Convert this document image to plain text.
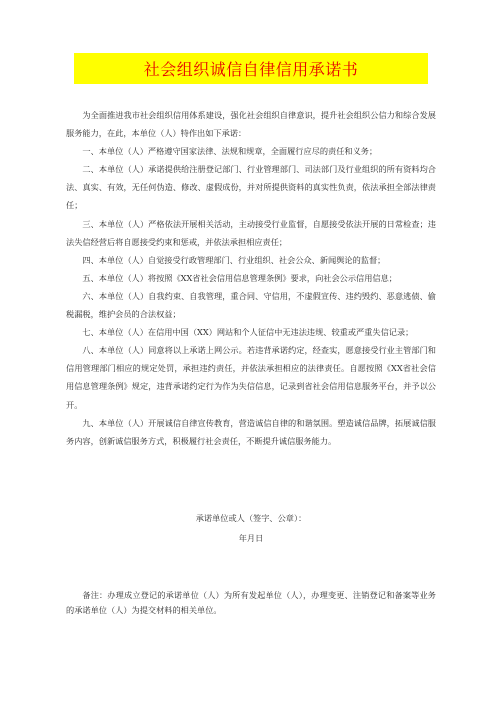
社会组织诚信自律信用承诺书

为全面推进我市社会组织信用体系建设，强化社会组织自律意识，提升社会组织公信力和综合发展服务能力，在此，本单位（人）特作出如下承诺：

一、本单位（人）严格遵守国家法律、法规和规章，全面履行应尽的责任和义务；

二、本单位（人）承诺提供给注册登记部门、行业管理部门、司法部门及行业组织的所有资料均合法、真实、有效，无任何伪造、修改、虚假成份，并对所提供资料的真实性负责，依法承担全部法律责任；

三、本单位（人）严格依法开展相关活动，主动接受行业监督，自愿接受依法开展的日常检查；违法失信经营后将自愿接受约束和惩戒，并依法承担相应责任；

四、本单位（人）自觉接受行政管理部门、行业组织、社会公众、新闻舆论的监督；

五、本单位（人）将按照《XX省社会信用信息管理条例》要求，向社会公示信用信息；

六、本单位（人）自我约束、自我管理，重合同、守信用，不虚假宣传、违约毁约、恶意逃债、偷税漏税，维护会员的合法权益；

七、本单位（人）在信用中国（XX）网站和个人征信中无违法违规、较重或严重失信记录；

八、本单位（人）同意将以上承诺上网公示。若违背承诺约定，经查实，愿意接受行业主管部门和信用管理部门相应的规定处罚，承担违约责任，并依法承担相应的法律责任。自愿按照《XX省社会信用信息管理条例》规定，违背承诺约定行为作为失信信息，记录到省社会信用信息服务平台，并予以公开。

九、本单位（人）开展诚信自律宣传教育，营造诚信自律的和谐氛围。塑造诚信品牌，拓展诚信服务内容，创新诚信服务方式，积极履行社会责任，不断提升诚信服务能力。

承诺单位或人（签字、公章）：

年月日

备注：办理成立登记的承诺单位（人）为所有发起单位（人），办理变更、注销登记和备案等业务的承诺单位（人）为提交材料的相关单位。
